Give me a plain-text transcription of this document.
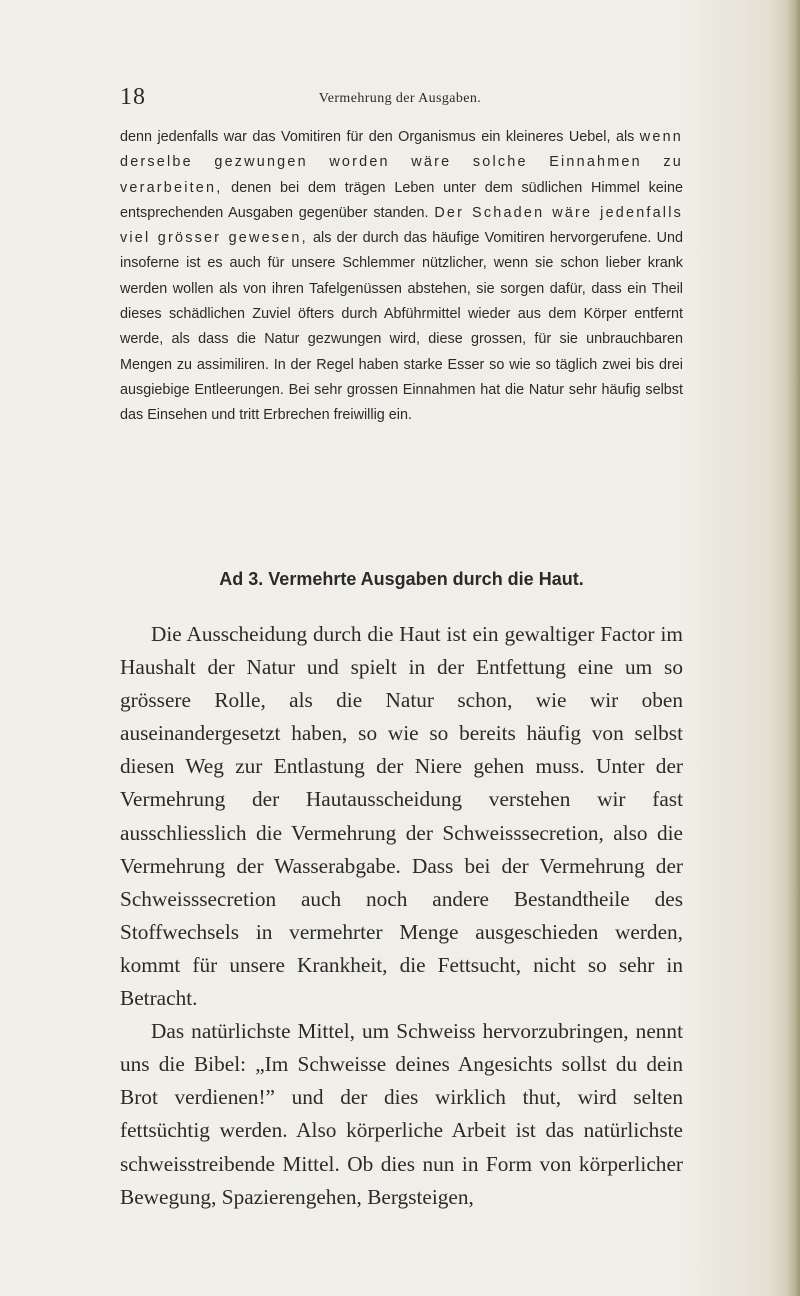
18	Vermehrung der Ausgaben.

denn jedenfalls war das Vomitiren für den Organismus ein kleineres Uebel, als wenn derselbe gezwungen worden wäre solche Einnahmen zu verarbeiten, denen bei dem trägen Leben unter dem südlichen Himmel keine entsprechenden Ausgaben gegenüber standen. Der Schaden wäre jedenfalls viel grösser gewesen, als der durch das häufige Vomitiren hervorgerufene. Und insoferne ist es auch für unsere Schlemmer nützlicher, wenn sie schon lieber krank werden wollen als von ihren Tafelgenüssen abstehen, sie sorgen dafür, dass ein Theil dieses schädlichen Zuviel öfters durch Abführmittel wieder aus dem Körper entfernt werde, als dass die Natur gezwungen wird, diese grossen, für sie unbrauchbaren Mengen zu assimiliren. In der Regel haben starke Esser so wie so täglich zwei bis drei ausgiebige Entleerungen. Bei sehr grossen Einnahmen hat die Natur sehr häufig selbst das Einsehen und tritt Erbrechen freiwillig ein.

Ad 3. Vermehrte Ausgaben durch die Haut.

Die Ausscheidung durch die Haut ist ein gewaltiger Factor im Haushalt der Natur und spielt in der Entfettung eine um so grössere Rolle, als die Natur schon, wie wir oben auseinandergesetzt haben, so wie so bereits häufig von selbst diesen Weg zur Entlastung der Niere gehen muss. Unter der Vermehrung der Hautausscheidung verstehen wir fast ausschliesslich die Vermehrung der Schweisssecretion, also die Vermehrung der Wasserabgabe. Dass bei der Vermehrung der Schweisssecretion auch noch andere Bestandtheile des Stoffwechsels in vermehrter Menge ausgeschieden werden, kommt für unsere Krankheit, die Fettsucht, nicht so sehr in Betracht.

Das natürlichste Mittel, um Schweiss hervorzubringen, nennt uns die Bibel: „Im Schweisse deines Angesichts sollst du dein Brot verdienen!” und der dies wirklich thut, wird selten fettsüchtig werden. Also körperliche Arbeit ist das natürlichste schweisstreibende Mittel. Ob dies nun in Form von körperlicher Bewegung, Spazierengehen, Bergsteigen,
